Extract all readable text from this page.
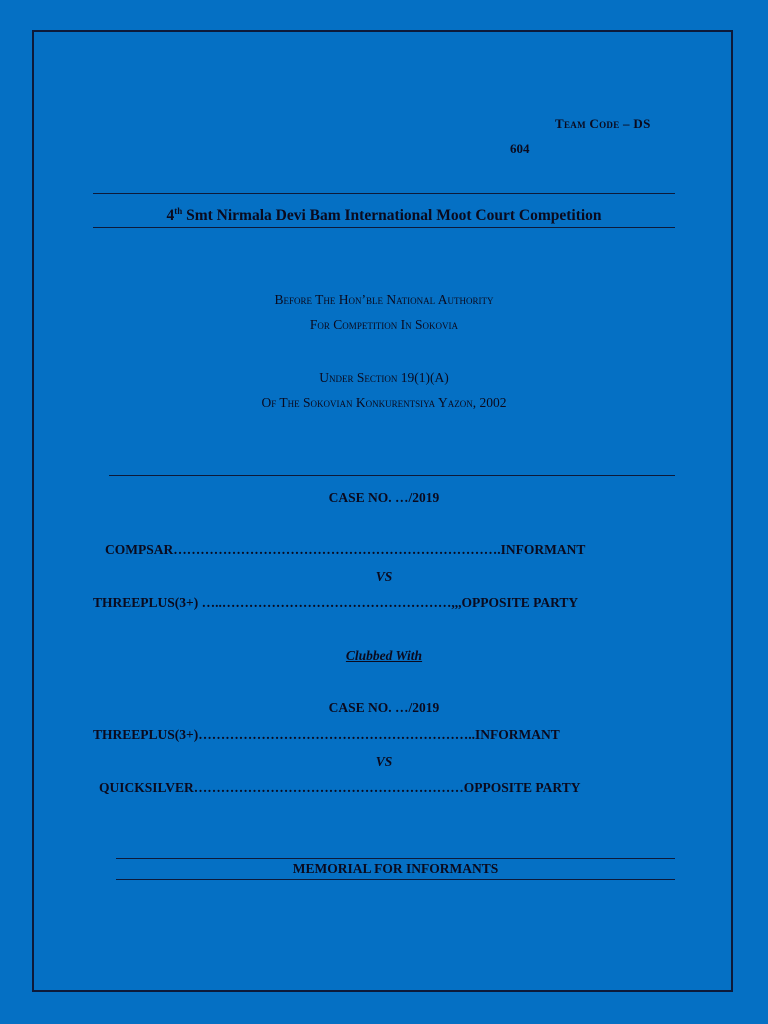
Team Code – DS
604
4th Smt Nirmala Devi Bam International Moot Court Competition
Before The Hon’ble National Authority
For Competition In Sokovia
Under Section 19(1)(A)
Of The Sokovian Konkurentsiya Yazon, 2002
CASE NO. …/2019
COMPSAR……………………………………………………………….INFORMANT
VS
THREEPLUS(3+) …..……………………………………………,,,OPPOSITE PARTY
Clubbed With
CASE NO. …/2019
THREEPLUS(3+)……………………………………………………..INFORMANT
VS
QUICKSILVER……………………………………………………OPPOSITE PARTY
MEMORIAL FOR INFORMANTS
